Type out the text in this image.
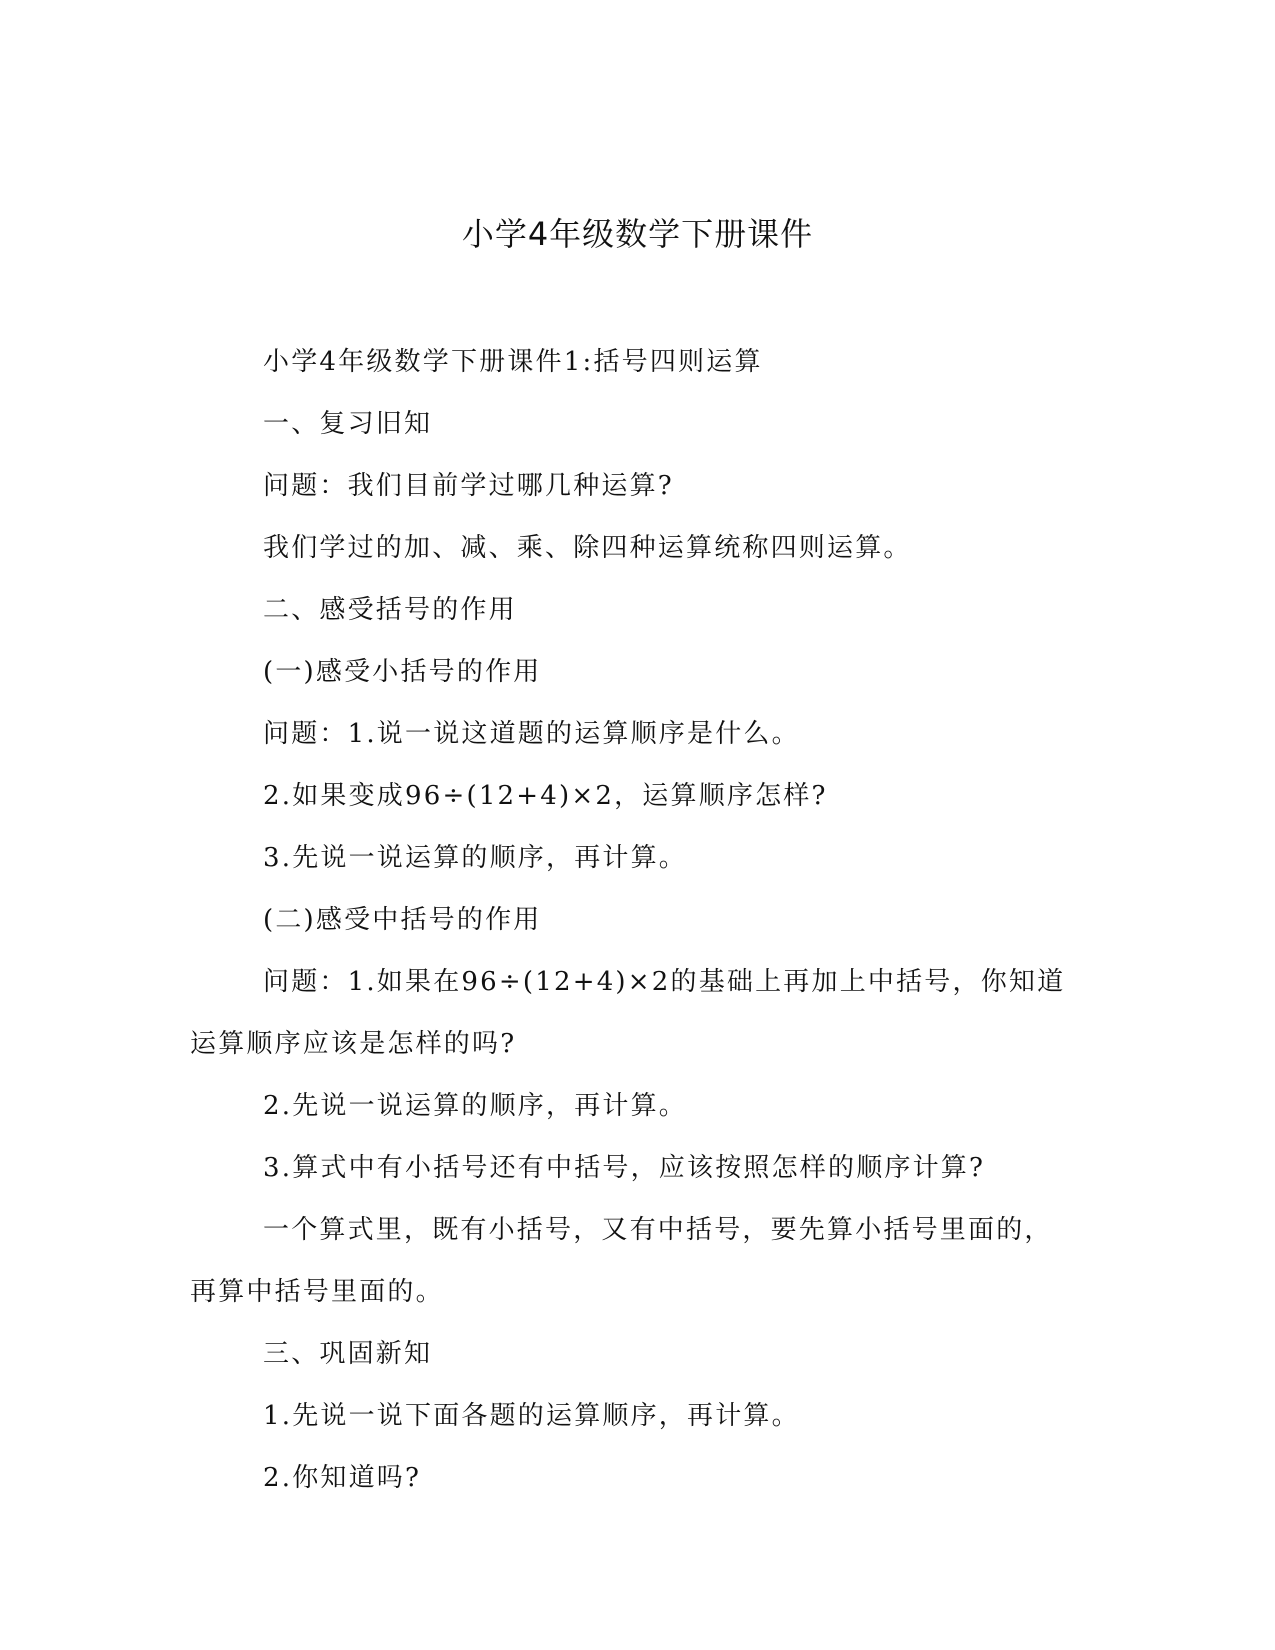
小学4年级数学下册课件

小学4年级数学下册课件1:括号四则运算

一、复习旧知

问题：我们目前学过哪几种运算?

我们学过的加、减、乘、除四种运算统称四则运算。

二、感受括号的作用

(一)感受小括号的作用

问题：1.说一说这道题的运算顺序是什么。

2.如果变成96÷(12+4)×2，运算顺序怎样?

3.先说一说运算的顺序，再计算。

(二)感受中括号的作用

问题：1.如果在96÷(12+4)×2的基础上再加上中括号，你知道运算顺序应该是怎样的吗?

2.先说一说运算的顺序，再计算。

3.算式中有小括号还有中括号，应该按照怎样的顺序计算?

一个算式里，既有小括号，又有中括号，要先算小括号里面的，再算中括号里面的。

三、巩固新知

1.先说一说下面各题的运算顺序，再计算。

2.你知道吗?
